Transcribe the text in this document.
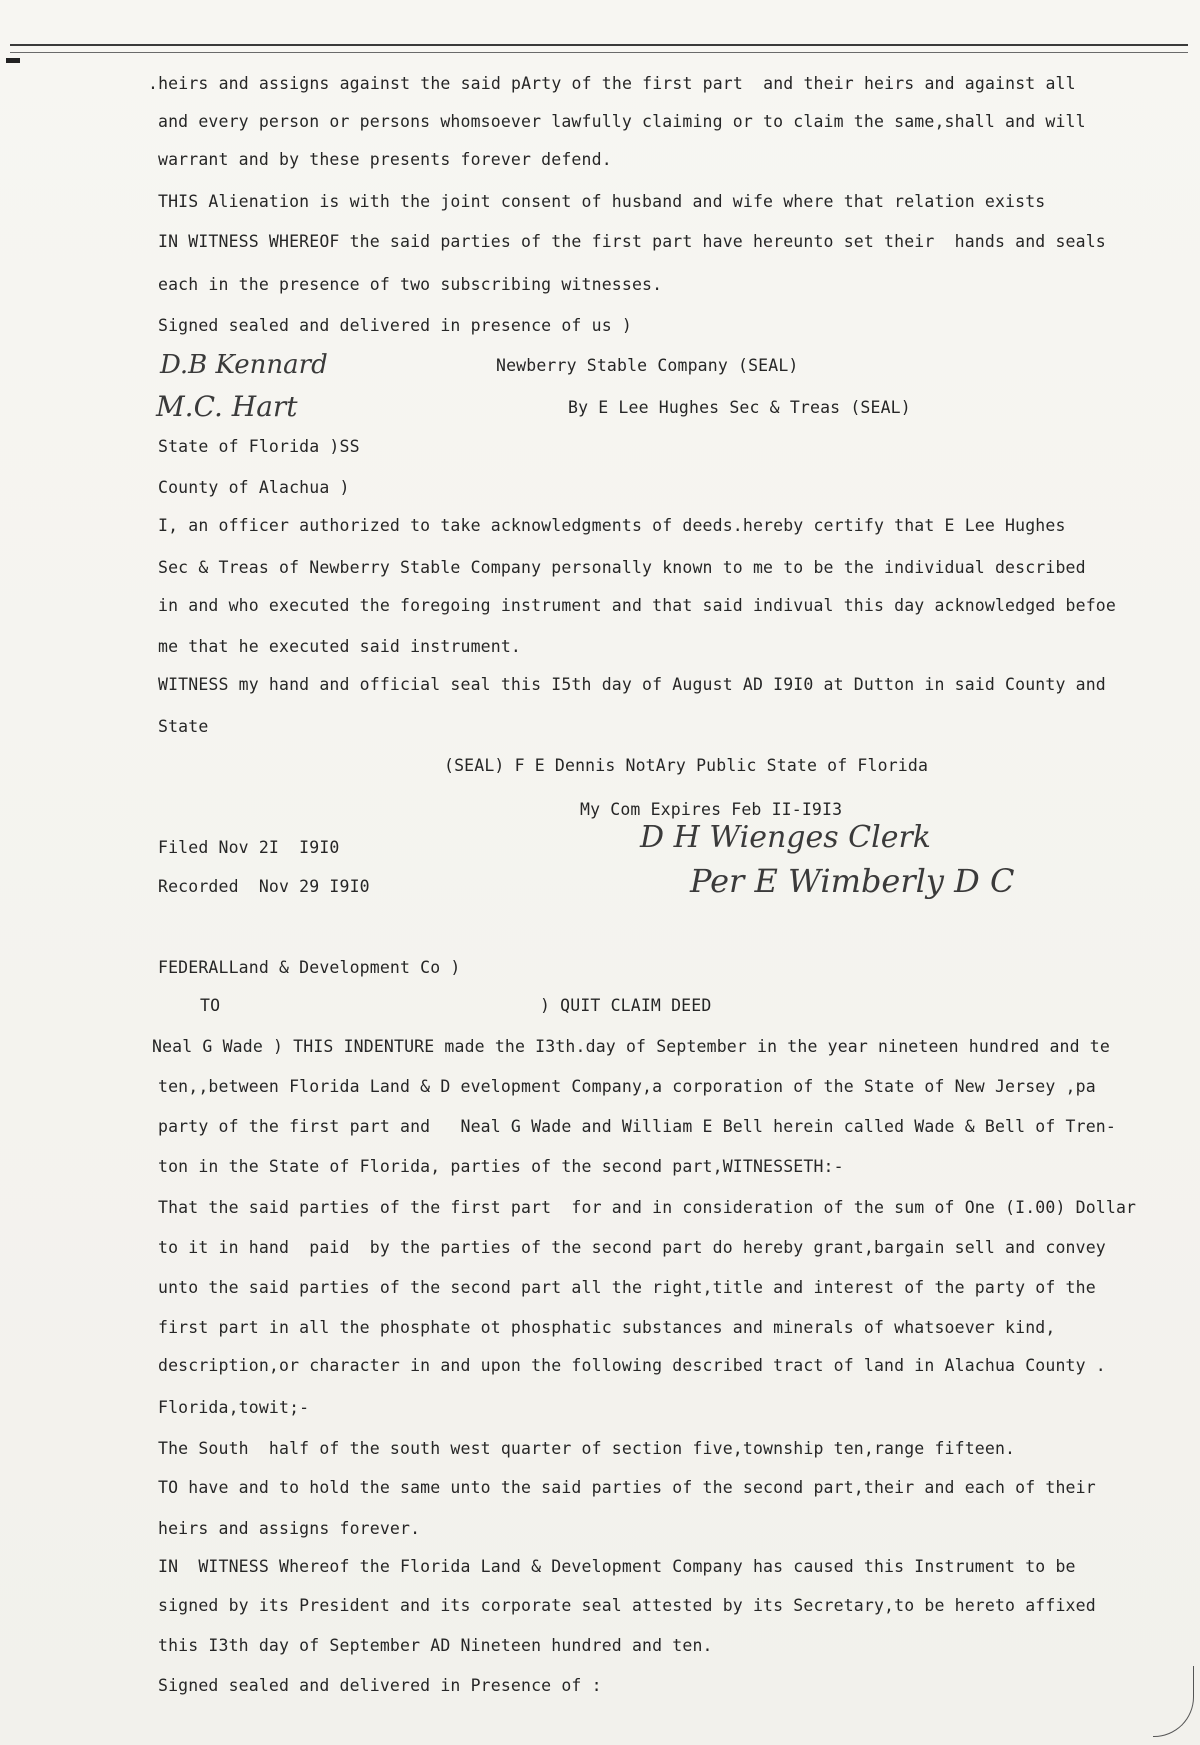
.heirs and assigns against the said pArty of the first part  and their heirs and against all
and every person or persons whomsoever lawfully claiming or to claim the same,shall and will
warrant and by these presents forever defend.
THIS Alienation is with the joint consent of husband and wife where that relation exists
IN WITNESS WHEREOF the said parties of the first part have hereunto set their  hands and seals
each in the presence of two subscribing witnesses.
Signed sealed and delivered in presence of us )
D.B Kennard	Newberry Stable Company (SEAL)
M.C. Hart	By E Lee Hughes Sec & Treas (SEAL)
State of Florida )SS
County of Alachua )
I, an officer authorized to take acknowledgments of deeds.hereby certify that E Lee Hughes
Sec & Treas of Newberry Stable Company personally known to me to be the individual described
in and who executed the foregoing instrument and that said indivual this day acknowledged befoe
me that he executed said instrument.
WITNESS my hand and official seal this I5th day of August AD I9I0 at Dutton in said County and
State
(SEAL) F E Dennis NotAry Public State of Florida
My Com Expires Feb II-I9I3
Filed Nov 2I  I9I0	D H Wienges Clerk
Recorded  Nov 29 I9I0	Per E Wimberly D C
FEDERALLand & Development Co )
TO	) QUIT CLAIM DEED
Neal G Wade ) THIS INDENTURE made the I3th.day of September in the year nineteen hundred and te
ten,,between Florida Land & D evelopment Company,a corporation of the State of New Jersey ,pa
party of the first part and   Neal G Wade and William E Bell herein called Wade & Bell of Tren-
ton in the State of Florida, parties of the second part,WITNESSETH:-
That the said parties of the first part  for and in consideration of the sum of One (I.00) Dollar
to it in hand  paid  by the parties of the second part do hereby grant,bargain sell and convey
unto the said parties of the second part all the right,title and interest of the party of the
first part in all the phosphate ot phosphatic substances and minerals of whatsoever kind,
description,or character in and upon the following described tract of land in Alachua County .
Florida,towit;-
The South  half of the south west quarter of section five,township ten,range fifteen.
TO have and to hold the same unto the said parties of the second part,their and each of their
heirs and assigns forever.
IN  WITNESS Whereof the Florida Land & Development Company has caused this Instrument to be
signed by its President and its corporate seal attested by its Secretary,to be hereto affixed
this I3th day of September AD Nineteen hundred and ten.
Signed sealed and delivered in Presence of :
